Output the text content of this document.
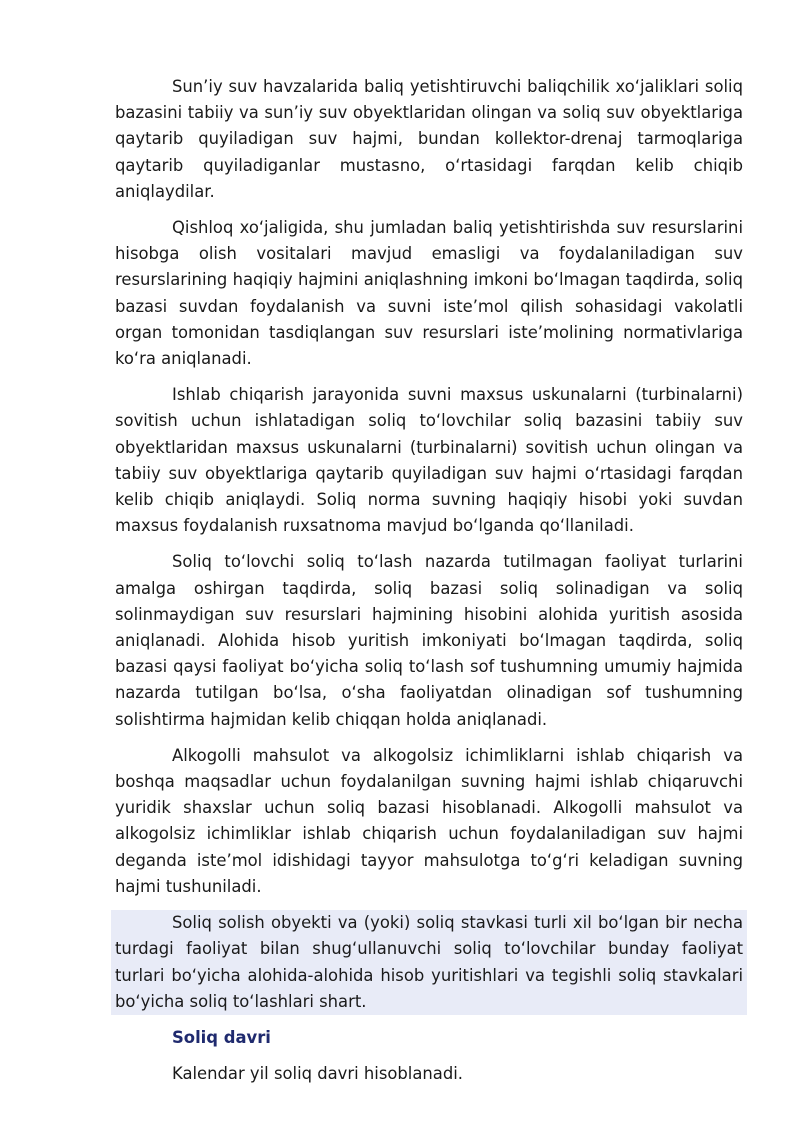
Sun’iy suv havzalarida baliq yetishtiruvchi baliqchilik xo‘jaliklari soliq bazasini tabiiy va sun’iy suv obyektlaridan olingan va soliq suv obyektlariga qaytarib quyiladigan suv hajmi, bundan kollektor-drenaj tarmoqlariga qaytarib quyiladiganlar mustasno, o‘rtasidagi farqdan kelib chiqib aniqlaydilar.

Qishloq xo‘jaligida, shu jumladan baliq yetishtirishda suv resurslarini hisobga olish vositalari mavjud emasligi va foydalaniladigan suv resurslarining haqiqiy hajmini aniqlashning imkoni bo‘lmagan taqdirda, soliq bazasi suvdan foydalanish va suvni iste’mol qilish sohasidagi vakolatli organ tomonidan tasdiqlangan suv resurslari iste’molining normativlariga ko‘ra aniqlanadi.

Ishlab chiqarish jarayonida suvni maxsus uskunalarni (turbinalarni) sovitish uchun ishlatadigan soliq to‘lovchilar soliq bazasini tabiiy suv obyektlaridan maxsus uskunalarni (turbinalarni) sovitish uchun olingan va tabiiy suv obyektlariga qaytarib quyiladigan suv hajmi o‘rtasidagi farqdan kelib chiqib aniqlaydi. Soliq norma suvning haqiqiy hisobi yoki suvdan maxsus foydalanish ruxsatnoma mavjud bo‘lganda qo‘llaniladi.

Soliq to‘lovchi soliq to‘lash nazarda tutilmagan faoliyat turlarini amalga oshirgan taqdirda, soliq bazasi soliq solinadigan va soliq solinmaydigan suv resurslari hajmining hisobini alohida yuritish asosida aniqlanadi. Alohida hisob yuritish imkoniyati bo‘lmagan taqdirda, soliq bazasi qaysi faoliyat bo‘yicha soliq to‘lash sof tushumning umumiy hajmida nazarda tutilgan bo‘lsa, o‘sha faoliyatdan olinadigan sof tushumning solishtirma hajmidan kelib chiqqan holda aniqlanadi.

Alkogolli mahsulot va alkogolsiz ichimliklarni ishlab chiqarish va boshqa maqsadlar uchun foydalanilgan suvning hajmi ishlab chiqaruvchi yuridik shaxslar uchun soliq bazasi hisoblanadi. Alkogolli mahsulot va alkogolsiz ichimliklar ishlab chiqarish uchun foydalaniladigan suv hajmi deganda iste’mol idishidagi tayyor mahsulotga to‘g‘ri keladigan suvning hajmi tushuniladi.

Soliq solish obyekti va (yoki) soliq stavkasi turli xil bo‘lgan bir necha turdagi faoliyat bilan shug‘ullanuvchi soliq to‘lovchilar bunday faoliyat turlari bo‘yicha alohida-alohida hisob yuritishlari va tegishli soliq stavkalari bo‘yicha soliq to‘lashlari shart.

Soliq davri

Kalendar yil soliq davri hisoblanadi.
